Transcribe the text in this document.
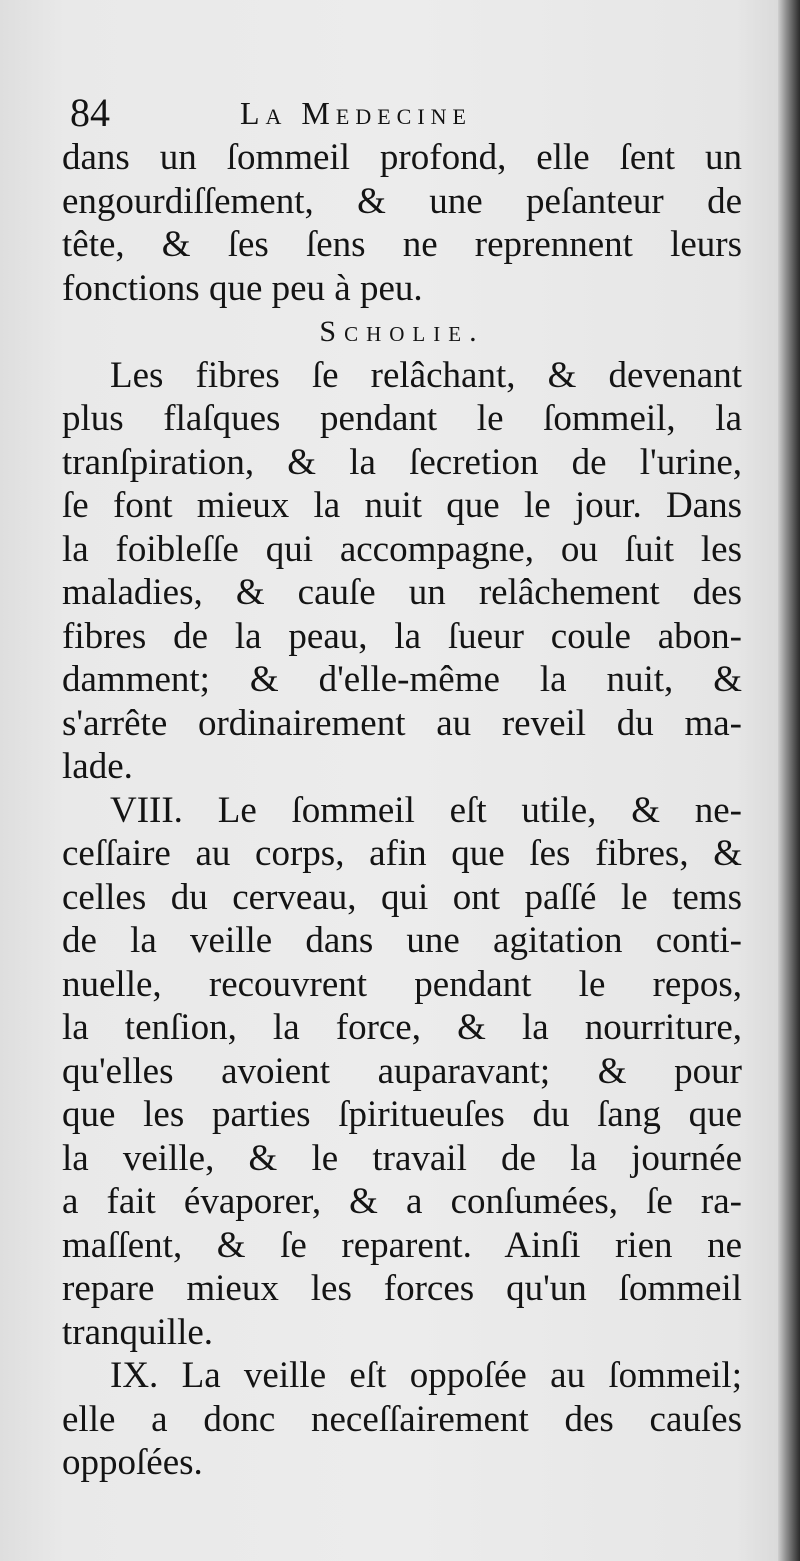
84	La Medecine
dans un ſommeil profond, elle ſent un
engourdiſſement, & une peſanteur de
tête, & ſes ſens ne reprennent leurs
fonctions que peu à peu.
Scholie.
Les fibres ſe relâchant, & devenant
plus flaſques pendant le ſommeil, la
tranſpiration, & la ſecretion de l'urine,
ſe font mieux la nuit que le jour. Dans
la foibleſſe qui accompagne, ou ſuit les
maladies, & cauſe un relâchement des
fibres de la peau, la ſueur coule abon-
damment; & d'elle-même la nuit, &
s'arrête ordinairement au reveil du ma-
lade.
VIII. Le ſommeil eſt utile, & ne-
ceſſaire au corps, afin que ſes fibres, &
celles du cerveau, qui ont paſſé le tems
de la veille dans une agitation conti-
nuelle, recouvrent pendant le repos,
la tenſion, la force, & la nourriture,
qu'elles avoient auparavant; & pour
que les parties ſpiritueuſes du ſang que
la veille, & le travail de la journée
a fait évaporer, & a conſumées, ſe ra-
maſſent, & ſe reparent. Ainſi rien ne
repare mieux les forces qu'un ſommeil
tranquille.
IX. La veille eſt oppoſée au ſommeil;
elle a donc neceſſairement des cauſes
oppoſées.
